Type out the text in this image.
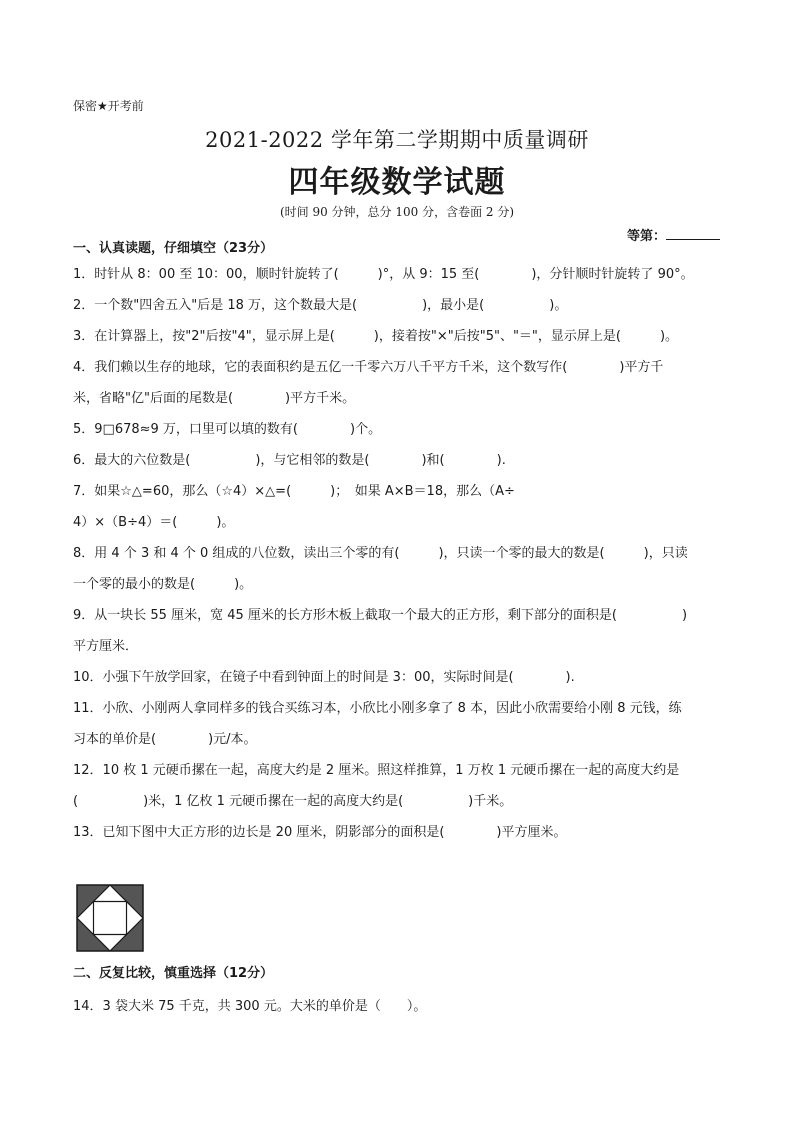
保密★开考前
2021-2022 学年第二学期期中质量调研
四年级数学试题
(时间 90 分钟，总分 100 分，含卷面 2 分)
等第：
一、认真读题，仔细填空（23分）
1．时针从 8：00 至 10：00，顺时针旋转了(　　　)°，从 9：15 至(　　　　)，分针顺时针旋转了 90°。
2．一个数"四舍五入"后是 18 万，这个数最大是(　　　　　)，最小是(　　　　　)。
3．在计算器上，按"2"后按"4"，显示屏上是(　　　)，接着按"×"后按"5"、"＝"，显示屏上是(　　　)。
4．我们赖以生存的地球，它的表面积约是五亿一千零六万八千平方千米，这个数写作(　　　　)平方千
米，省略"亿"后面的尾数是(　　　　)平方千米。
5．9□678≈9 万，口里可以填的数有(　　　　)个。
6．最大的六位数是(　　　　　)，与它相邻的数是(　　　　)和(　　　　).
7．如果☆△=60，那么（☆4）×△=(　　　)；　如果 A×B＝18，那么（A÷
4）×（B÷4）＝(　　　)。
8．用 4 个 3 和 4 个 0 组成的八位数，读出三个零的有(　　　)，只读一个零的最大的数是(　　　)，只读
一个零的最小的数是(　　　)。
9．从一块长 55 厘米，宽 45 厘米的长方形木板上截取一个最大的正方形，剩下部分的面积是(　　　　　)
平方厘米．
10．小强下午放学回家，在镜子中看到钟面上的时间是 3：00，实际时间是(　　　　).
11．小欣、小刚两人拿同样多的钱合买练习本，小欣比小刚多拿了 8 本，因此小欣需要给小刚 8 元钱，练
习本的单价是(　　　　)元/本。
12．10 枚 1 元硬币摞在一起，高度大约是 2 厘米。照这样推算，1 万枚 1 元硬币摞在一起的高度大约是
(　　　　　)米，1 亿枚 1 元硬币摞在一起的高度大约是(　　　　　)千米。
13．已知下图中大正方形的边长是 20 厘米，阴影部分的面积是(　　　　)平方厘米。
二、反复比较，慎重选择（12分）
14．3 袋大米 75 千克，共 300 元。大米的单价是（　　）。
